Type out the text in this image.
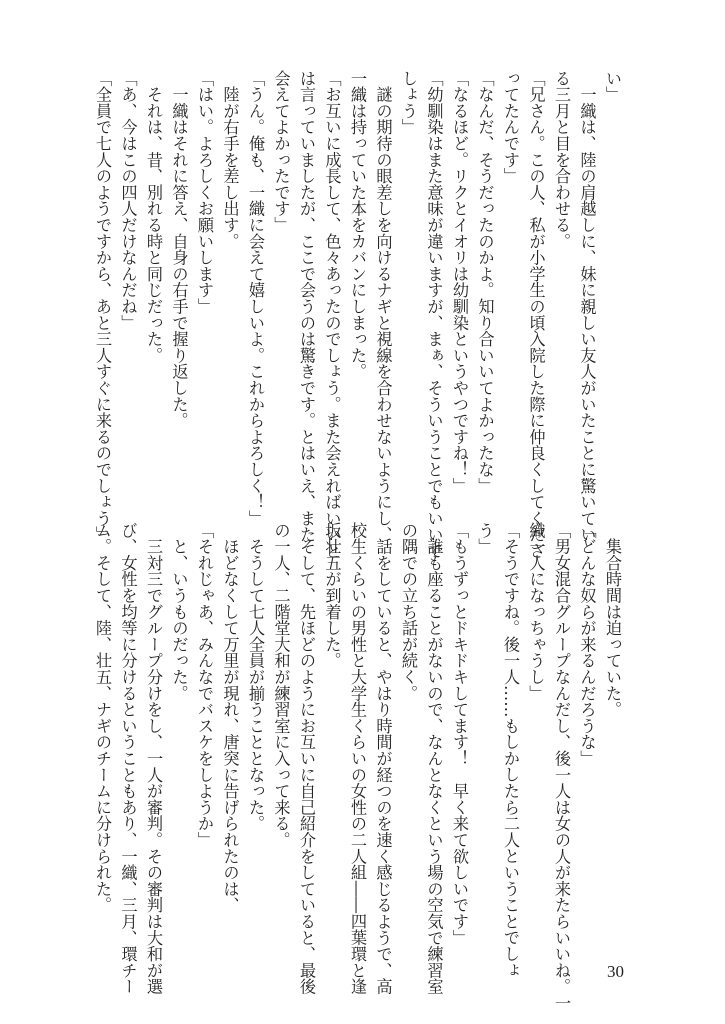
い」
　一織は、陸の肩越しに、妹に親しい友人がいたことに驚いてい
る三月と目を合わせる。
「兄さん。この人、私が小学生の頃入院した際に仲良くしてくださ
ってたんです」
「なんだ、そうだったのかよ。知り合いいてよかったな」
「なるほど。リクとイオリは幼馴染というやつですね！」
「幼馴染はまた意味が違いますが、まぁ、そういうことでもいいで
しょう」
　謎の期待の眼差しを向けるナギと視線を合わせないようにし、
一織は持っていた本をカバンにしまった。
「お互いに成長して、色々あったのでしょう。また会えればいいと
は言っていましたが、ここで会うのは驚きです。とはいえ、また
会えてよかったです」
「うん。俺も、一織に会えて嬉しいよ。これからよろしく！」
　陸が右手を差し出す。
「はい。よろしくお願いします」
　一織はそれに答え、自身の右手で握り返した。
　それは、昔、別れる時と同じだった。
「あ、今はこの四人だけなんだね」
「全員で七人のようですから、あと三人すぐに来るのでしょう」
　集合時間は迫っていた。
「どんな奴らが来るんだろうな」
「男女混合グループなんだし、後一人は女の人が来たらいいね。一
織一人になっちゃうし」
「そうですね。後一人……もしかしたら二人ということでしょ
う」
「もうずっとドキドキしてます！　早く来て欲しいです」
　誰も座ることがないので、なんとなくという場の空気で練習室
の隅での立ち話が続く。
　話をしていると、やはり時間が経つのを速く感じるようで、高
校生くらいの男性と大学生くらいの女性の二人組――四葉環と逢
坂壮五が到着した。
　そして、先ほどのようにお互いに自己紹介をしていると、最後
の一人、二階堂大和が練習室に入って来る。
　そうして七人全員が揃うこととなった。
　ほどなくして万里が現れ、唐突に告げられたのは、
「それじゃあ、みんなでバスケをしようか」
　と、いうものだった。
　三対三でグループ分けをし、一人が審判。その審判は大和が選
び、女性を均等に分けるということもあり、一織、三月、環チー
ム。そして、陸、壮五、ナギのチームに分けられた。
30
